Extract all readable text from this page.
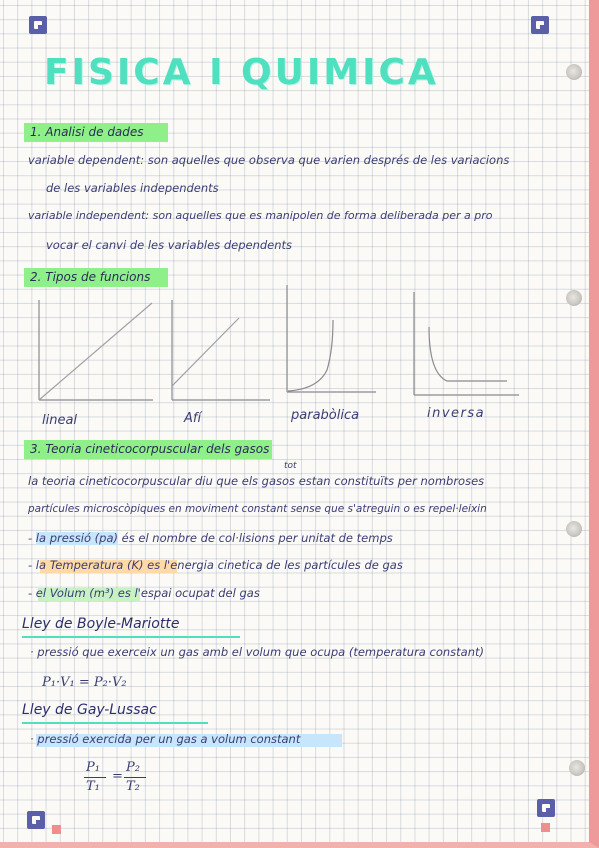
FISICA I QUIMICA
1. Analisi de dades
variable dependent: son aquelles que observa que varien després de les variacions
de les variables independents
variable independent: son aquelles que es manipolen de forma deliberada per a pro
vocar el canvi de les variables dependents
2. Tipos de funcions
lineal	Afí	parabòlica	inversa
3. Teoria cineticocorpuscular dels gasos
tot
la teoria cineticocorpuscular diu que els gasos estan constituïts per nombroses
partícules microscòpiques en moviment constant sense que s'atreguin o es repel·leixin
- la pressió (pa) és el nombre de col·lisions per unitat de temps
- la Temperatura (K) es l'energia cinetica de les partícules de gas
- el Volum (m³) es l'espai ocupat del gas
Lley de Boyle-Mariotte
· pressió que exerceix un gas amb el volum que ocupa (temperatura constant)
P₁·V₁ = P₂·V₂
Lley de Gay-Lussac
· pressió exercida per un gas a volum constant
P₁
T₁
=
P₂
T₂
